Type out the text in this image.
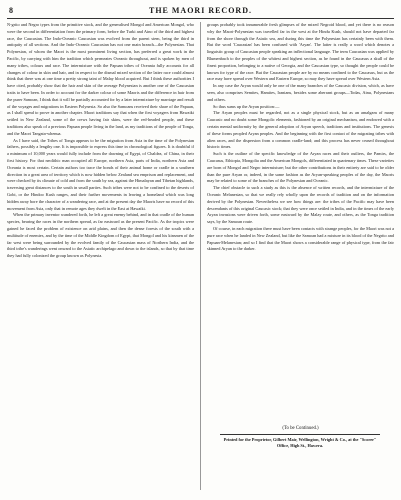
8	THE MAORI RECORD.

N-grito and Negro types from the primitive stock, and the generalised Mongol and American Mongol, who were the second in differentiation from the primary form, before the Turki and Aino of the third and highest race, the Caucasian. The Indo-Oceanic Caucasian was evolved from the parent stem, being the third in antiquity of all sections. And the Indo-Oceanic Caucasian has not one main branch—the Polynesian. That Polynesian, of whom the Maori is the most prominent living section, has preferred a great work in the Pacific, by carrying with him the tradition which permeates Oceanic throughout, and is spoken by men of many tribes, colours and race. The intermixture with the Papuan tribes of Oceania fully accounts for all changes of colour in skin and hair, and in respect to the dismal mixed section of the latter race could almost think that there was at one time a pretty strong taint of Malay blood acquired. But I think these authorities I have cited, probably show that the hair and skin of the average Polynesian is another one of the Caucasian traits to have been. In order to account for the darker colour of some Maoris and the difference in hair from the purer Samoan, I think that it will be partially accounted for by a later intermixture by marriage and result of the voyages and migrations in Eastern Polynesia. So also the Samoans received their share of the Papuan, as I shall spend to prove in another chapter. Maori traditions say that when the first voyagers from Hawaiki settled in New Zealand, some of the crews having fair skins, were the red-headed people, and these traditions also speak of a previous Papuan people living in the land, as my traditions of the people of Tonga, and the Maori Tangata-whenua.

As I have said, the Tribes of Tonga appears to be the migration from Asia in the time of the Polynesian fathers, possibly a lengthy one. It is impossible to express this time in chronological figures. It is doubtful if a minimum of 10,000 years would fully include from the dawning of Egypt, of Chaldea, of China, in their first history. For that neolithic man occupied all Europe, northern Asia, parts of India, northern Asia and Oceania is most certain. Certain authors too trace the bonds of their animal home or cradle in a southern direction in a great area of territory which is now hidden below Zealand sea emprison and replacement, and were checked by its climate of cold and from the south by sea, against the Himalayan and Tibetan highlands, traversing great distances to the south in small parties. Such tribes were not to be confined to the deserts of Gobi, or the Hindoo Kush ranges, and their further movements in leaving a homeland which was long hidden away bore the character of a wandering race, and at the present day the Maoris have no record of this movement from Asia, only that in remote ages they dwelt in the East at Hawaiki.

When the primary inventor wandered forth, he left a great enemy behind, and in that cradle of the human species, bearing the races in the northern spread, as far eastward as the present Pacific. As the tropics were gained he faced the problem of existence on arid plains, and then the dense forests of the south with a multitude of enemies, and by the time of the Middle Kingdom of Egypt, that Mongol and his kinsmen of the far west were being surrounded by the evolved family of the Caucasian mass of Northern India, and the third tribe's wanderings went onward to the Asiatic archipelago and down to the islands, so that by that time they had fully colonized the group known as Polynesia.

groups probably took innumerable fresh glimpses of the mixed Negroid blood, and yet there is no reason why the Maori-Polynesian was travelled far in the west at the Hindu Kush, should not have departed far from the shore through the Asiatic sea, and during this time the Polynesian has certainly been with them. But the word 'Caucasian' has been confused with 'Aryan'. The latter is really a word which denotes a linguistic group of Caucasian people speaking an inflectional language. The term Caucasian was applied by Blumenbach to the peoples of the whitest and highest section, as he found in the Caucasus a skull of the finest proportion, belonging to a native of Georgia, and the Caucasian type, so thought the people could be known for type of the race. But the Caucasian people are by no means confined to the Caucasus, but as the race may have spread over Western and Eastern Europe, so may they have spread over Western Asia.

In any case the Aryan would only be one of the many branches of the Caucasic division, which, as have seen, also comprises Semites, Hamites, Iranians, besides some aberrant groups—Todas, Ainu, Polynesians and others.

So thus sums up the Aryan position:—

The Aryan peoples must be regarded, not as a single physical stock, but as an amalgam of many Caucasic and no doubt some Mongolic elements, fashioned by an original mechanism, and endowed with a certain mental uniformity by the general adoption of Aryan speech, traditions and institutions. The genesis of these forms peopled Aryan peoples. And the beginning with the first contact of the migrating tribes with alien races, and the dispersion from a common cradle-land; and this process has never ceased throughout historic times.

Such is the outline of the specific knowledge of the Aryan races and their outliers, the Pamirs, the Caucasus, Ethiopia, Mongolia and the American Mongols, differentiated in quartenary times. These varieties are born of Mongol and Negro intermixture; but the other contributions in their entirety are said to be older than the pure Aryan or, indeed, in the same fashion as the Aryan-speaking peoples of the day, the Maoris may be related to some of the branches of the Polynesian and Oceanic.

The chief obstacle to such a study as this is the absence of written records, and the intermixture of the Oceanic Melanesian, so that we really rely wholly upon the records of tradition and on the information derived by the Polynesian. Nevertheless we see how things are: the tribes of the Pacific may have been descendants of this original Caucasic stock; that they were once settled in India, and in the times of the early Aryan invasions were driven forth, some eastward by the Malay route, and others, as the Tonga tradition says, by the Samoan route.

Of course, in each migration there must have been contacts with strange peoples, for the Maori was not a pure race when he landed in New Zealand, but like the Samoan had a mixture in its blood of the Negrito and Papuan-Melanesian; and so I find that the Maori shows a considerable range of physical type, from the fair skinned Aryan to the darker.

(To be Continued.)
Printed for the Proprietor, Gilbert Mair, Wellington, Wright & Co., at the "Scorer" Office, High St., Hawera.
